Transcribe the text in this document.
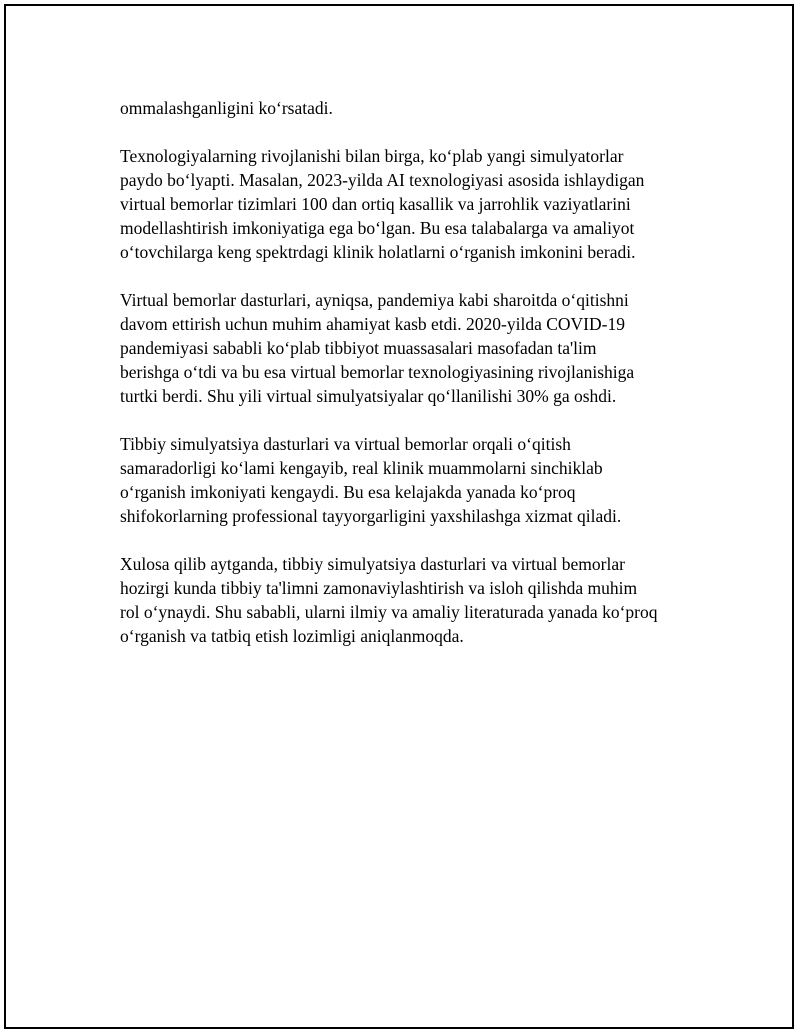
ommalashganligini ko‘rsatadi.

Texnologiyalarning rivojlanishi bilan birga, ko‘plab yangi simulyatorlar
paydo bo‘lyapti. Masalan, 2023-yilda AI texnologiyasi asosida ishlaydigan
virtual bemorlar tizimlari 100 dan ortiq kasallik va jarrohlik vaziyatlarini
modellashtirish imkoniyatiga ega bo‘lgan. Bu esa talabalarga va amaliyot
o‘tovchilarga keng spektrdagi klinik holatlarni o‘rganish imkonini beradi.

Virtual bemorlar dasturlari, ayniqsa, pandemiya kabi sharoitda o‘qitishni
davom ettirish uchun muhim ahamiyat kasb etdi. 2020-yilda COVID-19
pandemiyasi sababli ko‘plab tibbiyot muassasalari masofadan ta'lim
berishga o‘tdi va bu esa virtual bemorlar texnologiyasining rivojlanishiga
turtki berdi. Shu yili virtual simulyatsiyalar qo‘llanilishi 30% ga oshdi.

Tibbiy simulyatsiya dasturlari va virtual bemorlar orqali o‘qitish
samaradorligi ko‘lami kengayib, real klinik muammolarni sinchiklab
o‘rganish imkoniyati kengaydi. Bu esa kelajakda yanada ko‘proq
shifokorlarning professional tayyorgarligini yaxshilashga xizmat qiladi.

Xulosa qilib aytganda, tibbiy simulyatsiya dasturlari va virtual bemorlar
hozirgi kunda tibbiy ta'limni zamonaviylashtirish va isloh qilishda muhim
rol o‘ynaydi. Shu sababli, ularni ilmiy va amaliy literaturada yanada ko‘proq
o‘rganish va tatbiq etish lozimligi aniqlanmoqda.
